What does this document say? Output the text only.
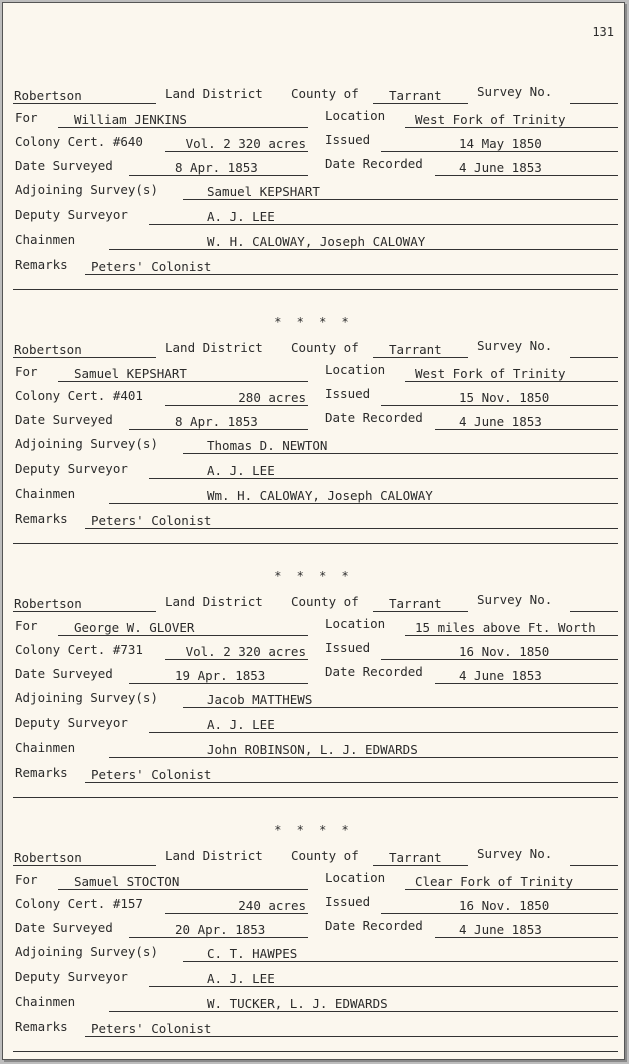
131
* * * *
* * * *
* * * *
Robertson	Land District County of Tarrant	Survey No.
For	William JENKINS	Location West Fork of Trinity
Colony Cert. #640	Vol. 2 320 acres Issued	14 May 1850
Date Surveyed	8 Apr. 1853	Date Recorded	4 June 1853
Adjoining Survey(s)	Samuel KEPSHART
Deputy Surveyor	A. J. LEE
Chainmen	W. H. CALOWAY, Joseph CALOWAY
Remarks Peters' Colonist
Robertson	Land District County of Tarrant	Survey No.
For	Samuel KEPSHART	Location West Fork of Trinity
Colony Cert. #401	280 acres Issued	15 Nov. 1850
Date Surveyed	8 Apr. 1853	Date Recorded	4 June 1853
Adjoining Survey(s)	Thomas D. NEWTON
Deputy Surveyor	A. J. LEE
Chainmen	Wm. H. CALOWAY, Joseph CALOWAY
Remarks Peters' Colonist
Robertson	Land District County of Tarrant	Survey No.
For	George W. GLOVER	Location 15 miles above Ft. Worth
Colony Cert. #731	Vol. 2 320 acres Issued	16 Nov. 1850
Date Surveyed	19 Apr. 1853	Date Recorded	4 June 1853
Adjoining Survey(s)	Jacob MATTHEWS
Deputy Surveyor	A. J. LEE
Chainmen	John ROBINSON, L. J. EDWARDS
Remarks Peters' Colonist
Robertson	Land District County of Tarrant	Survey No.
For	Samuel STOCTON	Location Clear Fork of Trinity
Colony Cert. #157	240 acres Issued	16 Nov. 1850
Date Surveyed	20 Apr. 1853	Date Recorded	4 June 1853
Adjoining Survey(s)	C. T. HAWPES
Deputy Surveyor	A. J. LEE
Chainmen	W. TUCKER, L. J. EDWARDS
Remarks Peters' Colonist
